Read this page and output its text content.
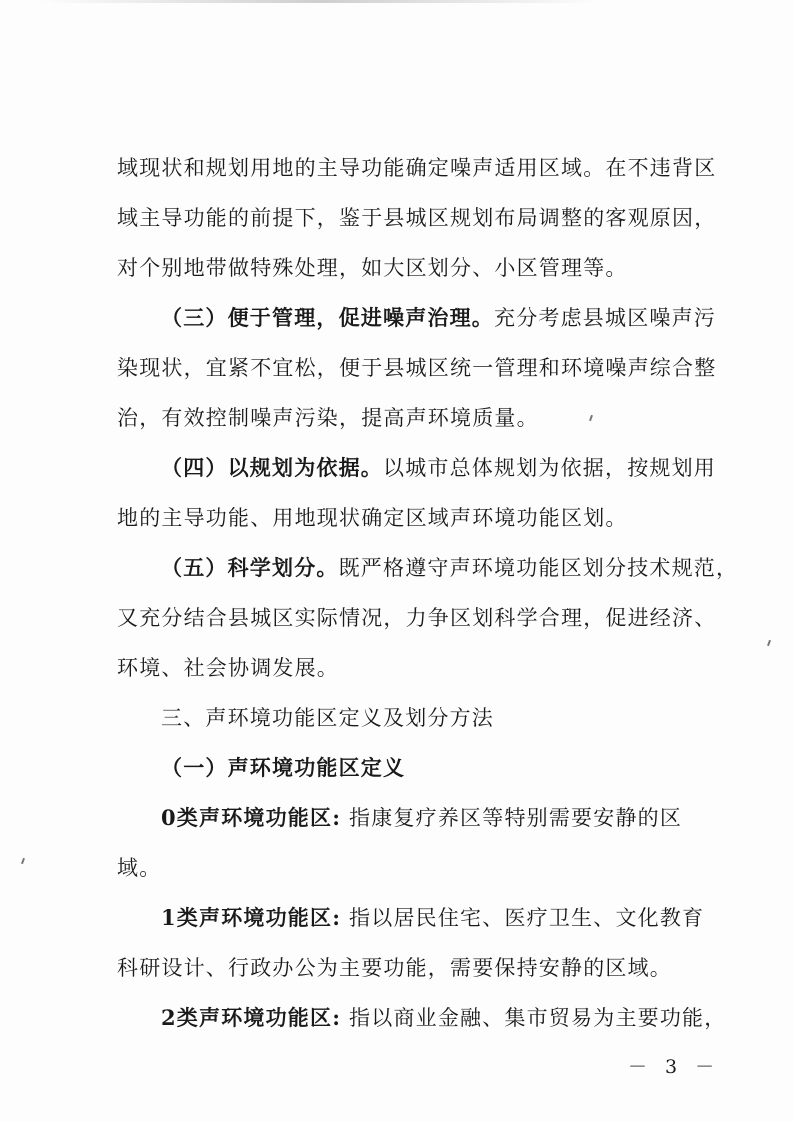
域现状和规划用地的主导功能确定噪声适用区域。在不违背区
域主导功能的前提下，鉴于县城区规划布局调整的客观原因，
对个别地带做特殊处理，如大区划分、小区管理等。
（三）便于管理，促进噪声治理。充分考虑县城区噪声污
染现状，宜紧不宜松，便于县城区统一管理和环境噪声综合整
治，有效控制噪声污染，提高声环境质量。
（四）以规划为依据。以城市总体规划为依据，按规划用
地的主导功能、用地现状确定区域声环境功能区划。
（五）科学划分。既严格遵守声环境功能区划分技术规范，
又充分结合县城区实际情况，力争区划科学合理，促进经济、
环境、社会协调发展。
三、声环境功能区定义及划分方法
（一）声环境功能区定义
0类声环境功能区: 指康复疗养区等特别需要安静的区
域。
1类声环境功能区: 指以居民住宅、医疗卫生、文化教育
科研设计、行政办公为主要功能，需要保持安静的区域。
2类声环境功能区: 指以商业金融、集市贸易为主要功能，
－ 3 －
